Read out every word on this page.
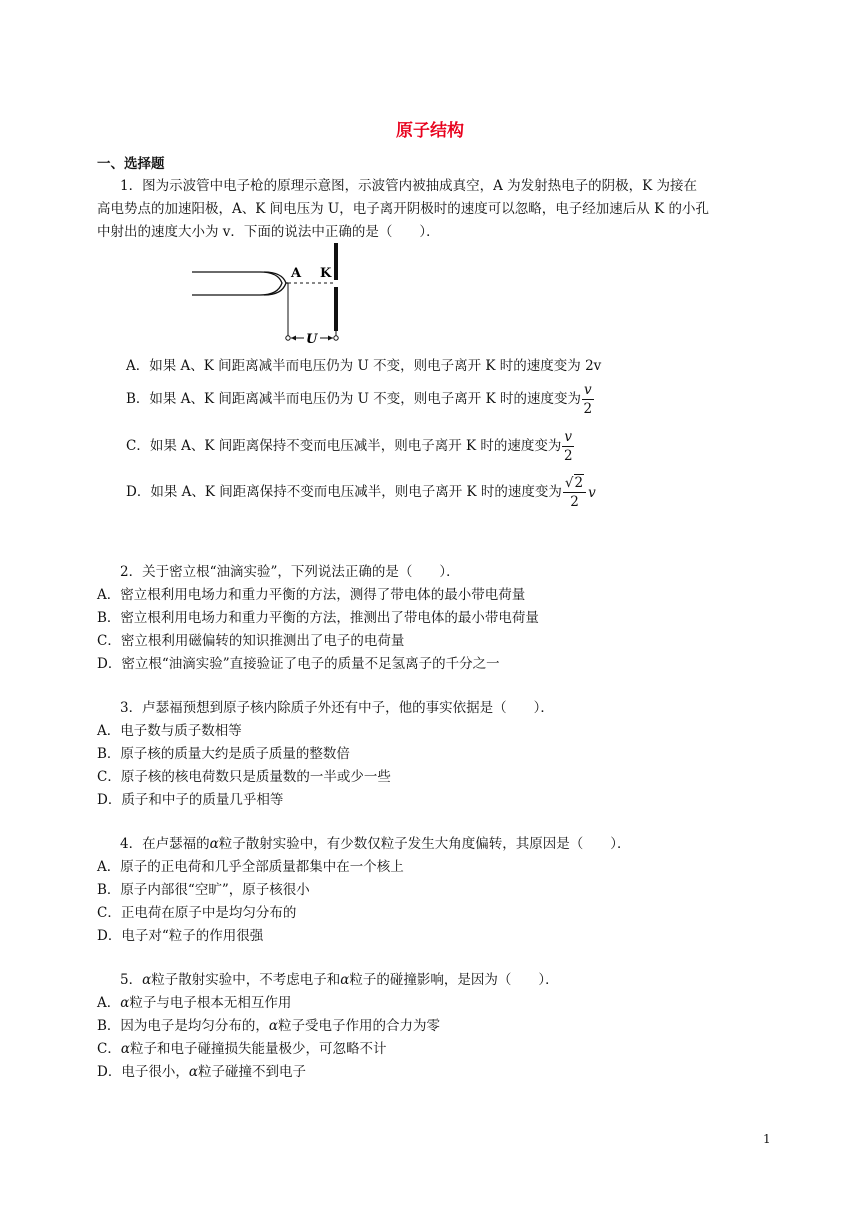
原子结构
一、选择题
1．图为示波管中电子枪的原理示意图，示波管内被抽成真空，A 为发射热电子的阴极，K 为接在
高电势点的加速阳极，A、K 间电压为 U，电子离开阴极时的速度可以忽略，电子经加速后从 K 的小孔
中射出的速度大小为 v．下面的说法中正确的是（　　）．
A K
U
A．如果 A、K 间距离减半而电压仍为 U 不变，则电子离开 K 时的速度变为 2v
B．如果 A、K 间距离减半而电压仍为 U 不变，则电子离开 K 时的速度变为 $\frac{v}{2}$
C．如果 A、K 间距离保持不变而电压减半，则电子离开 K 时的速度变为 $\frac{v}{2}$
D．如果 A、K 间距离保持不变而电压减半，则电子离开 K 时的速度变为 $\frac{√2}{2}$ v
2．关于密立根“油滴实验”，下列说法正确的是（　　）．
A．密立根利用电场力和重力平衡的方法，测得了带电体的最小带电荷量
B．密立根利用电场力和重力平衡的方法，推测出了带电体的最小带电荷量
C．密立根利用磁偏转的知识推测出了电子的电荷量
D．密立根“油滴实验”直接验证了电子的质量不足氢离子的千分之一
3．卢瑟福预想到原子核内除质子外还有中子，他的事实依据是（　　）．
A．电子数与质子数相等
B．原子核的质量大约是质子质量的整数倍
C．原子核的核电荷数只是质量数的一半或少一些
D．质子和中子的质量几乎相等
4．在卢瑟福的α粒子散射实验中，有少数仅粒子发生大角度偏转，其原因是（　　）．
A．原子的正电荷和几乎全部质量都集中在一个核上
B．原子内部很“空旷”，原子核很小
C．正电荷在原子中是均匀分布的
D．电子对“粒子的作用很强
5．α粒子散射实验中，不考虑电子和α粒子的碰撞影响，是因为（　　）．
A．α粒子与电子根本无相互作用
B．因为电子是均匀分布的，α粒子受电子作用的合力为零
C．α粒子和电子碰撞损失能量极少，可忽略不计
D．电子很小，α粒子碰撞不到电子
1
